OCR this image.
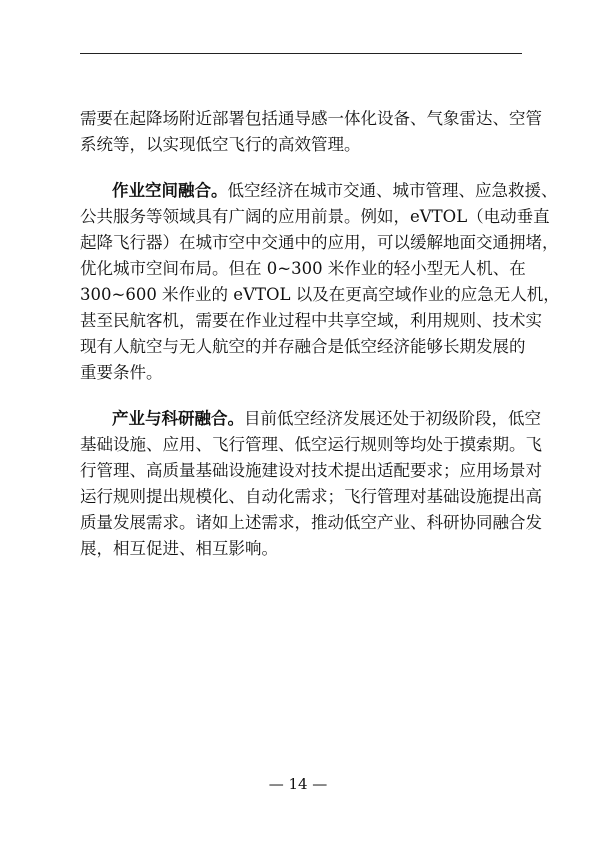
需要在起降场附近部署包括通导感一体化设备、气象雷达、空管
系统等，以实现低空飞行的高效管理。
作业空间融合。低空经济在城市交通、城市管理、应急救援、
公共服务等领域具有广阔的应用前景。例如，eVTOL（电动垂直
起降飞行器）在城市空中交通中的应用，可以缓解地面交通拥堵，
优化城市空间布局。但在 0~300 米作业的轻小型无人机、在
300~600 米作业的 eVTOL 以及在更高空域作业的应急无人机，
甚至民航客机，需要在作业过程中共享空域，利用规则、技术实
现有人航空与无人航空的并存融合是低空经济能够长期发展的
重要条件。
产业与科研融合。目前低空经济发展还处于初级阶段，低空
基础设施、应用、飞行管理、低空运行规则等均处于摸索期。飞
行管理、高质量基础设施建设对技术提出适配要求；应用场景对
运行规则提出规模化、自动化需求；飞行管理对基础设施提出高
质量发展需求。诸如上述需求，推动低空产业、科研协同融合发
展，相互促进、相互影响。
— 14 —
